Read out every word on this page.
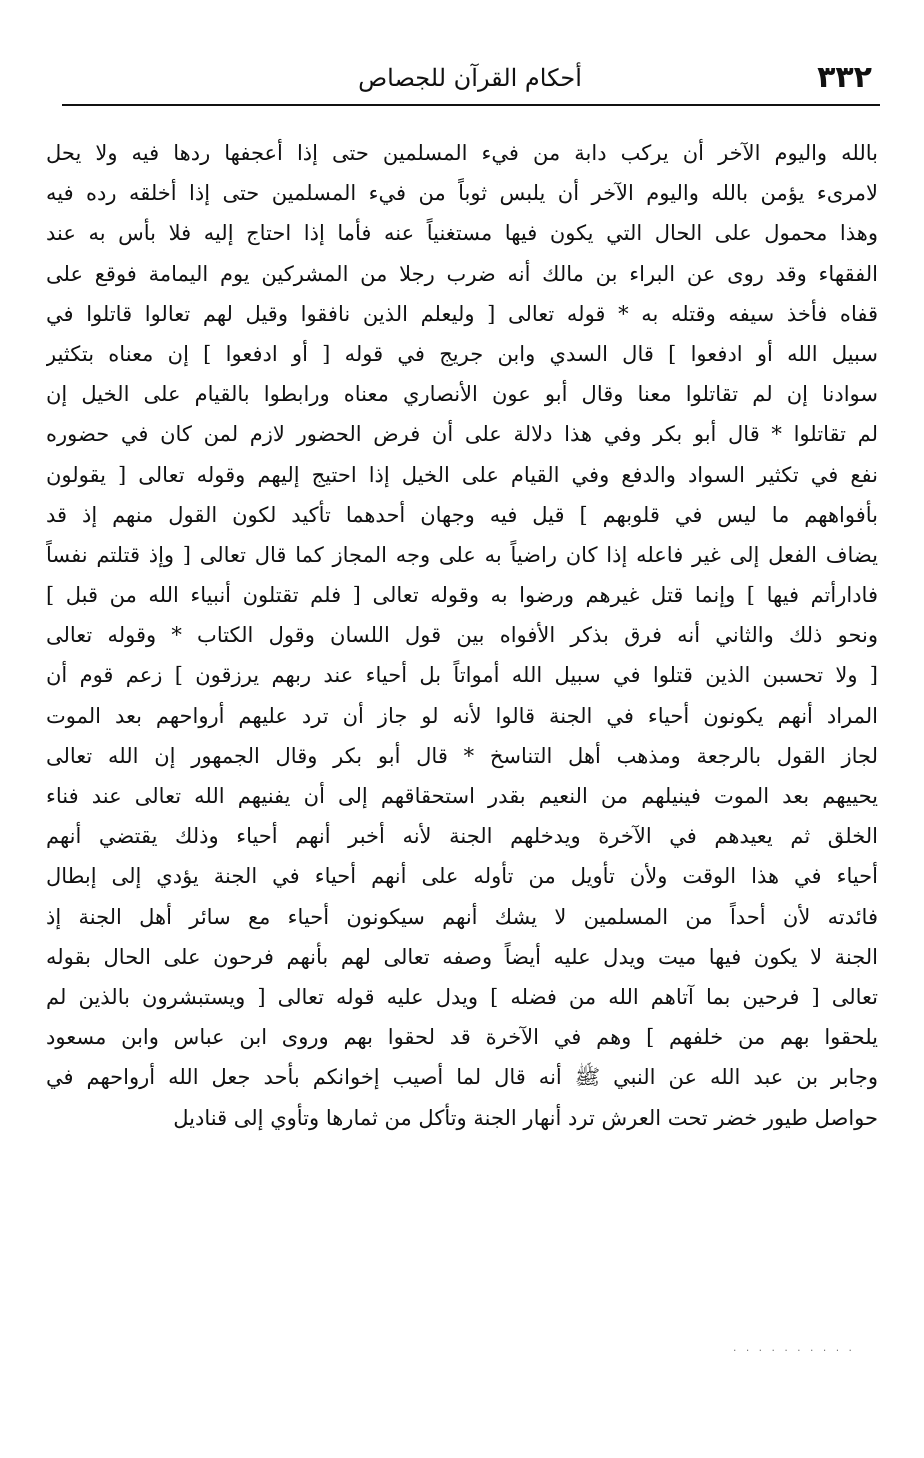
٣٣٢
أحكام القرآن للجصاص
بالله واليوم الآخر أن يركب دابة من فيء المسلمين حتى إذا أعجفها ردها فيه ولا يحل
لامرىء يؤمن بالله واليوم الآخر أن يلبس ثوباً من فيء المسلمين حتى إذا أخلقه رده فيه
وهذا محمول على الحال التي يكون فيها مستغنياً عنه فأما إذا احتاج إليه فلا بأس به عند
الفقهاء وقد روى عن البراء بن مالك أنه ضرب رجلا من المشركين يوم اليمامة فوقع على
قفاه فأخذ سيفه وقتله به * قوله تعالى [ وليعلم الذين نافقوا وقيل لهم تعالوا قاتلوا في
سبيل الله أو ادفعوا ] قال السدي وابن جريج في قوله [ أو ادفعوا ] إن معناه بتكثير
سوادنا إن لم تقاتلوا معنا وقال أبو عون الأنصاري معناه ورابطوا بالقيام على الخيل إن
لم تقاتلوا * قال أبو بكر وفي هذا دلالة على أن فرض الحضور لازم لمن كان في حضوره
نفع في تكثير السواد والدفع وفي القيام على الخيل إذا احتيج إليهم وقوله تعالى [ يقولون
بأفواههم ما ليس في قلوبهم ] قيل فيه وجهان أحدهما تأكيد لكون القول منهم إذ قد
يضاف الفعل إلى غير فاعله إذا كان راضياً به على وجه المجاز كما قال تعالى [ وإذ قتلتم نفساً
فادارأتم فيها ] وإنما قتل غيرهم ورضوا به وقوله تعالى [ فلم تقتلون أنبياء الله من قبل ]
ونحو ذلك والثاني أنه فرق بذكر الأفواه بين قول اللسان وقول الكتاب * وقوله تعالى
[ ولا تحسبن الذين قتلوا في سبيل الله أمواتاً بل أحياء عند ربهم يرزقون ] زعم قوم أن
المراد أنهم يكونون أحياء في الجنة قالوا لأنه لو جاز أن ترد عليهم أرواحهم بعد الموت
لجاز القول بالرجعة ومذهب أهل التناسخ * قال أبو بكر وقال الجمهور إن الله تعالى
يحييهم بعد الموت فينيلهم من النعيم بقدر استحقاقهم إلى أن يفنيهم الله تعالى عند فناء
الخلق ثم يعيدهم في الآخرة ويدخلهم الجنة لأنه أخبر أنهم أحياء وذلك يقتضي أنهم
أحياء في هذا الوقت ولأن تأويل من تأوله على أنهم أحياء في الجنة يؤدي إلى إبطال
فائدته لأن أحداً من المسلمين لا يشك أنهم سيكونون أحياء مع سائر أهل الجنة إذ
الجنة لا يكون فيها ميت ويدل عليه أيضاً وصفه تعالى لهم بأنهم فرحون على الحال بقوله
تعالى [ فرحين بما آتاهم الله من فضله ] ويدل عليه قوله تعالى [ ويستبشرون بالذين لم
يلحقوا بهم من خلفهم ] وهم في الآخرة قد لحقوا بهم وروى ابن عباس وابن مسعود
وجابر بن عبد الله عن النبي ﷺ أنه قال لما أصيب إخوانكم بأحد جعل الله أرواحهم في
حواصل طيور خضر تحت العرش ترد أنهار الجنة وتأكل من ثمارها وتأوي إلى قناديل
. . . . . . . . . .
